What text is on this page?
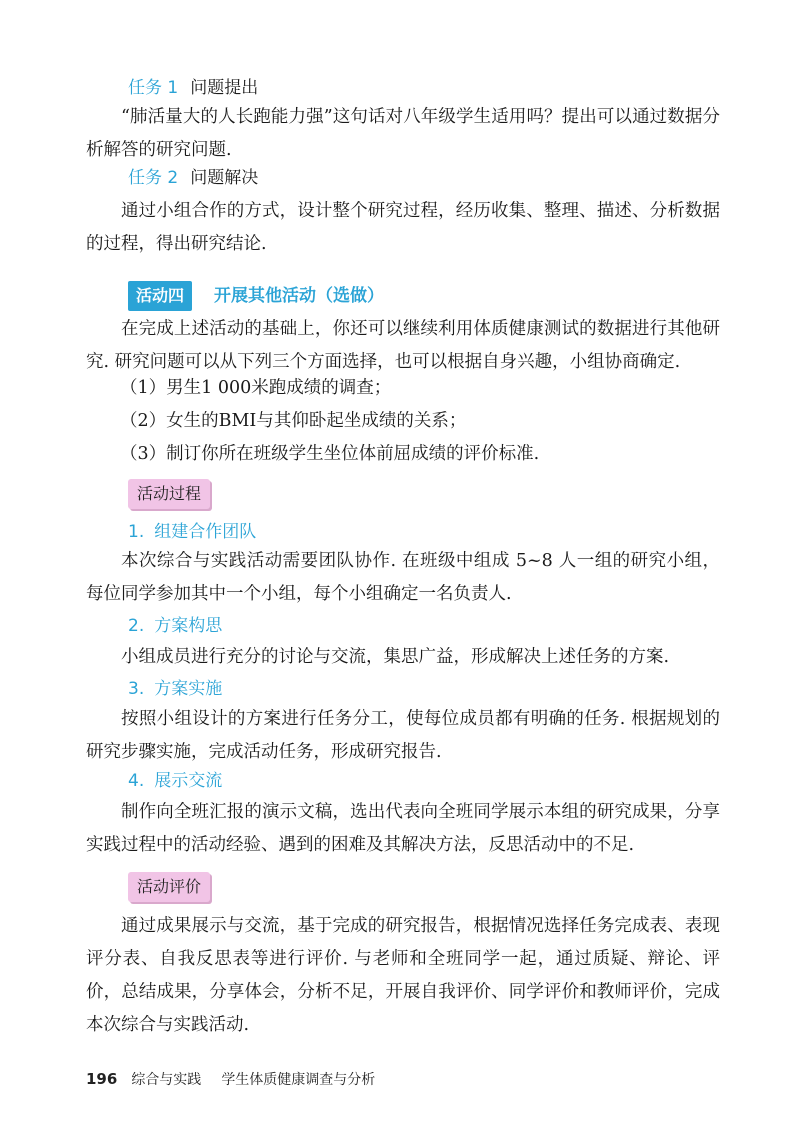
任务 1 问题提出

“肺活量大的人长跑能力强”这句话对八年级学生适用吗？提出可以通过数据分析解答的研究问题.

任务 2 问题解决

通过小组合作的方式，设计整个研究过程，经历收集、整理、描述、分析数据的过程，得出研究结论.

活动四	开展其他活动（选做）

在完成上述活动的基础上，你还可以继续利用体质健康测试的数据进行其他研究. 研究问题可以从下列三个方面选择，也可以根据自身兴趣，小组协商确定.

（1）男生1 000米跑成绩的调查；

（2）女生的BMI与其仰卧起坐成绩的关系；

（3）制订你所在班级学生坐位体前屈成绩的评价标准.

活动过程
1. 组建合作团队

本次综合与实践活动需要团队协作. 在班级中组成 5~8 人一组的研究小组，每位同学参加其中一个小组，每个小组确定一名负责人.

2. 方案构思

小组成员进行充分的讨论与交流，集思广益，形成解决上述任务的方案.

3. 方案实施

按照小组设计的方案进行任务分工，使每位成员都有明确的任务. 根据规划的研究步骤实施，完成活动任务，形成研究报告.

4. 展示交流

制作向全班汇报的演示文稿，选出代表向全班同学展示本组的研究成果，分享实践过程中的活动经验、遇到的困难及其解决方法，反思活动中的不足.

活动评价

通过成果展示与交流，基于完成的研究报告，根据情况选择任务完成表、表现评分表、自我反思表等进行评价. 与老师和全班同学一起，通过质疑、辩论、评价，总结成果，分享体会，分析不足，开展自我评价、同学评价和教师评价，完成本次综合与实践活动.

196 综合与实践 学生体质健康调查与分析
